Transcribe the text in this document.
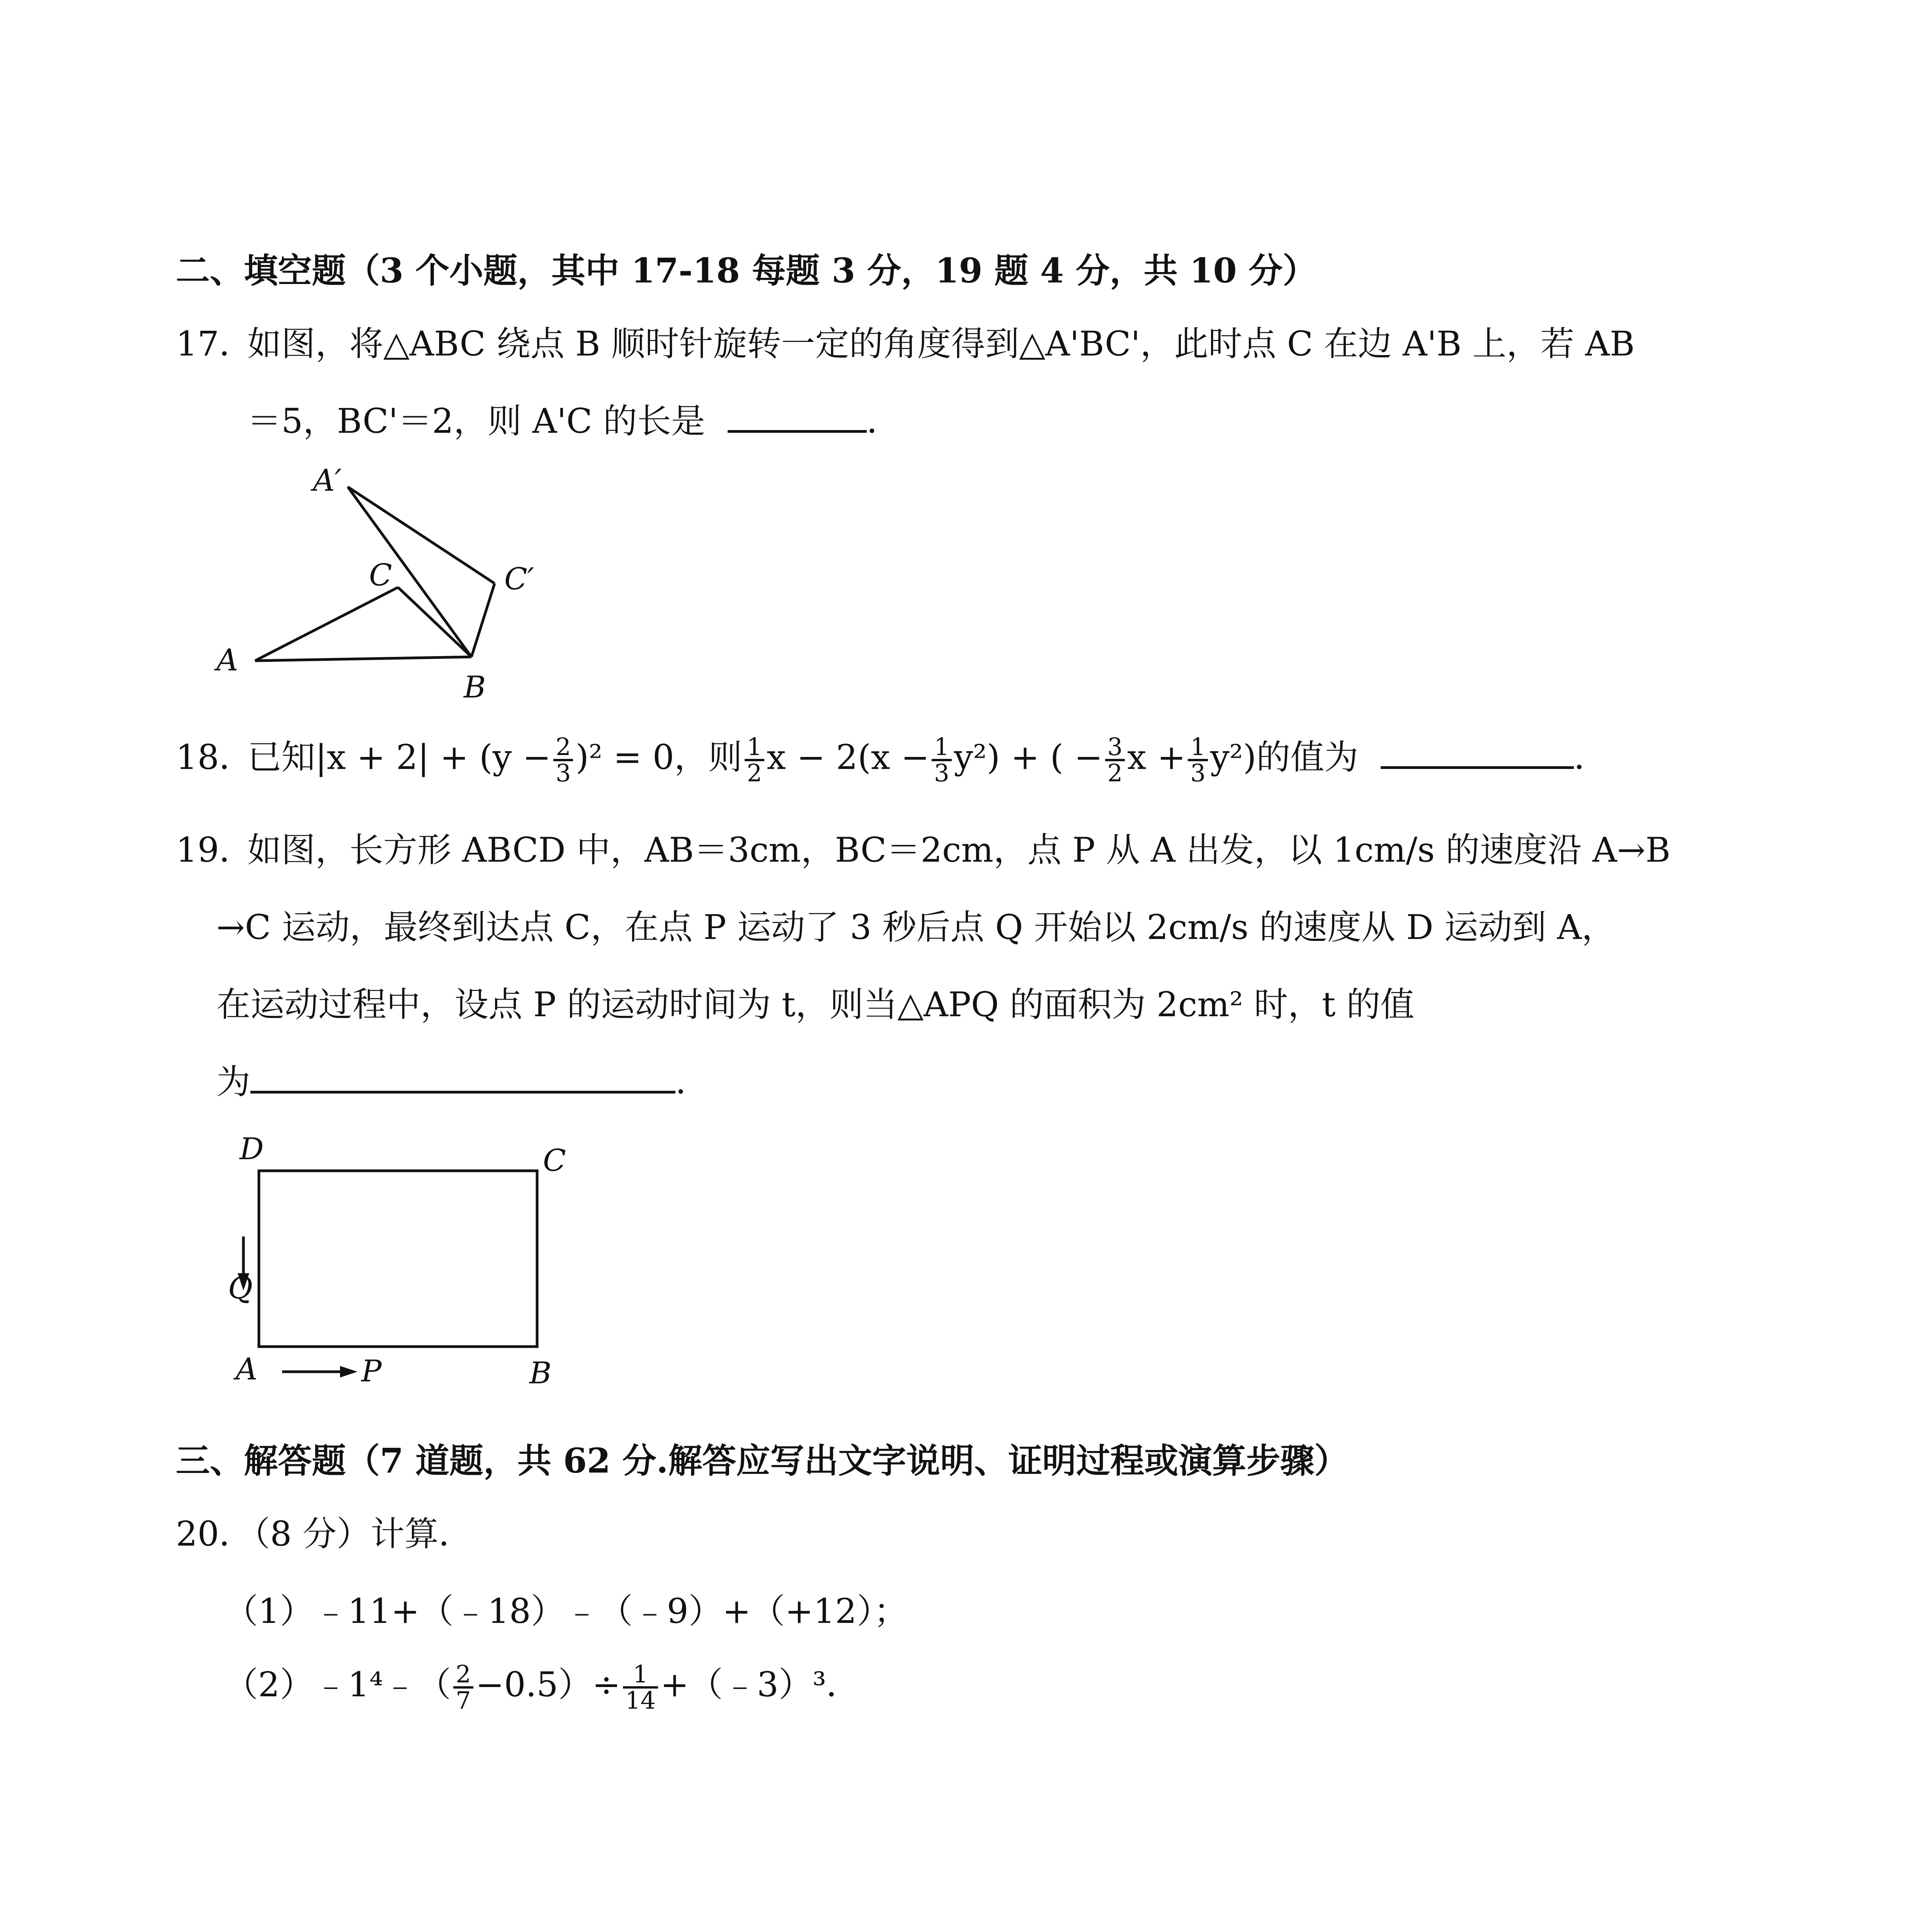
二、填空题（3 个小题，其中 17-18 每题 3 分，19 题 4 分，共 10 分）
17．
如图，将△ABC 绕点 B 顺时针旋转一定的角度得到△A'BC'，此时点 C 在边 A'B 上，若 AB
＝5，BC'＝2，则 A'C 的长是	．
A′
C	C′
A
B
18．
已知$|x + 2| + (y - \frac{2}{3} )^2 = 0$，则 $\frac{1}{2}$ $x - 2(x - \frac{1}{3} y^2)$ + ( − $\frac{3}{2}$ $x + \frac{1}{3} y^2$)的值为	．
19．
如图，长方形 ABCD 中，AB＝3cm，BC＝2cm，点 P 从 A 出发，以 1cm/s 的速度沿 A→B
→C 运动，最终到达点 C，在点 P 运动了 3 秒后点 Q 开始以 2cm/s 的速度从 D 运动到 A，
在运动过程中，设点 P 的运动时间为 t，则当△APQ 的面积为 2cm² 时，t 的值
为	．
D	C
Q
A	P	B
三、解答题（7 道题，共 62 分.解答应写出文字说明、证明过程或演算步骤）
20．（8 分）计算．
（1）﹣11+（﹣18）﹣（﹣9）+（+12）；
（2）﹣1⁴﹣（ $\frac{2}{7} -0.5)\div \frac{1}{14}$ +（﹣3）³．
